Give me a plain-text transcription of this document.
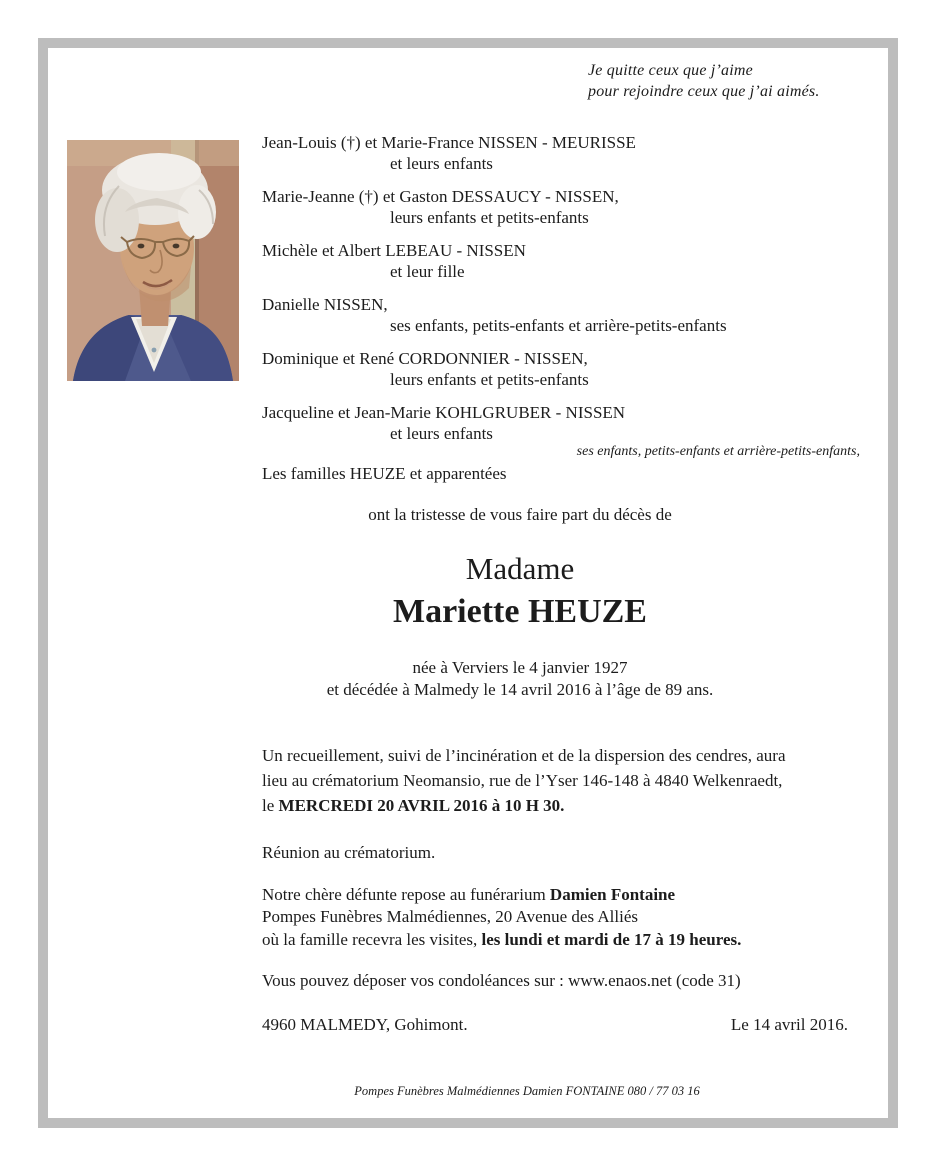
Je quitte ceux que j’aime
pour rejoindre ceux que j’ai aimés.
Jean-Louis (†) et Marie-France NISSEN - MEURISSE
et leurs enfants
Marie-Jeanne (†) et Gaston DESSAUCY - NISSEN,
leurs enfants et petits-enfants
Michèle et Albert LEBEAU - NISSEN
et leur fille
Danielle NISSEN,
ses enfants, petits-enfants et arrière-petits-enfants
Dominique et René CORDONNIER - NISSEN,
leurs enfants et petits-enfants
Jacqueline et Jean-Marie KOHLGRUBER - NISSEN
et leurs enfants
ses enfants, petits-enfants et arrière-petits-enfants,
Les familles HEUZE et apparentées
ont la tristesse de vous faire part du décès de
Madame
Mariette HEUZE
née à Verviers le 4 janvier 1927
et décédée à Malmedy le 14 avril 2016 à l’âge de 89 ans.
Un recueillement, suivi de l’incinération et de la dispersion des cendres, aura
lieu au crématorium Neomansio, rue de l’Yser 146-148 à 4840 Welkenraedt,
le MERCREDI 20 AVRIL 2016 à 10 H 30.
Réunion au crématorium.
Notre chère défunte repose au funérarium Damien Fontaine
Pompes Funèbres Malmédiennes, 20 Avenue des Alliés
où la famille recevra les visites, les lundi et mardi de 17 à 19 heures.
Vous pouvez déposer vos condoléances sur : www.enaos.net (code 31)
4960 MALMEDY, Gohimont.	Le 14 avril 2016.
Pompes Funèbres Malmédiennes Damien FONTAINE 080 / 77 03 16
